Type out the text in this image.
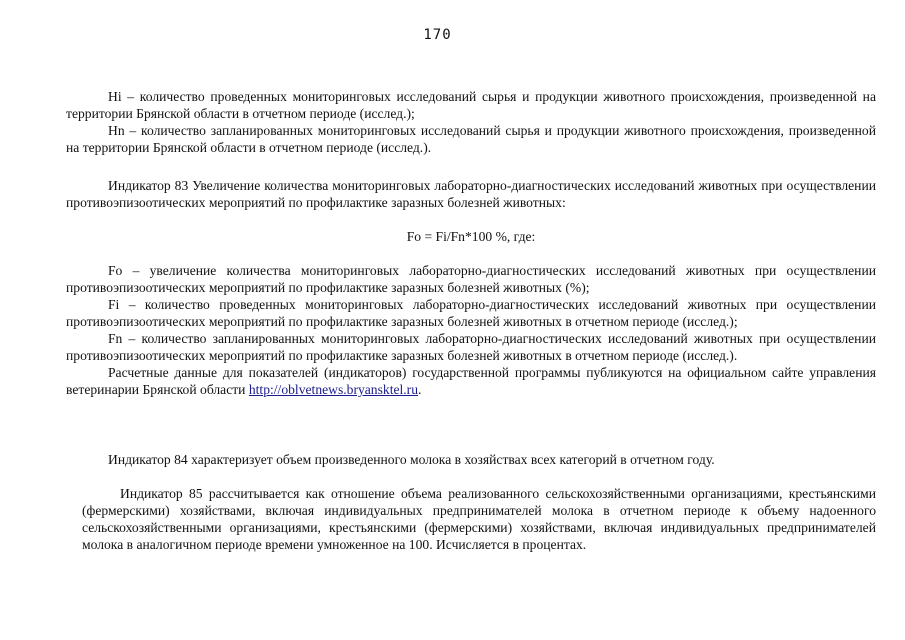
170

Hi – количество проведенных мониторинговых исследований сырья и продукции животного происхождения, произведенной на территории Брянской области в отчетном периоде (исслед.);

Hn – количество запланированных мониторинговых исследований сырья и продукции животного происхождения, произведенной на территории Брянской области в отчетном периоде (исслед.).

Индикатор 83 Увеличение количества мониторинговых лабораторно-диагностических исследований животных при осуществлении противоэпизоотических мероприятий по профилактике заразных болезней животных:

Fo = Fi/Fn*100 %, где:

Fo – увеличение количества мониторинговых лабораторно-диагностических исследований животных при осуществлении противоэпизоотических мероприятий по профилактике заразных болезней животных (%);

Fi – количество проведенных мониторинговых лабораторно-диагностических исследований животных при осуществлении противоэпизоотических мероприятий по профилактике заразных болезней животных в отчетном периоде (исслед.);

Fn – количество запланированных мониторинговых лабораторно-диагностических исследований животных при осуществлении противоэпизоотических мероприятий по профилактике заразных болезней животных в отчетном периоде (исслед.).

Расчетные данные для показателей (индикаторов) государственной программы публикуются на официальном сайте управления ветеринарии Брянской области http://oblvetnews.bryansktel.ru.

Индикатор 84 характеризует объем произведенного молока в хозяйствах всех категорий в отчетном году.

Индикатор 85 рассчитывается как отношение объема реализованного сельскохозяйственными организациями, крестьянскими (фермерскими) хозяйствами, включая индивидуальных предпринимателей молока в отчетном периоде к объему надоенного сельскохозяйственными организациями, крестьянскими (фермерскими) хозяйствами, включая индивидуальных предпринимателей молока в аналогичном периоде времени умноженное на 100. Исчисляется в процентах.
